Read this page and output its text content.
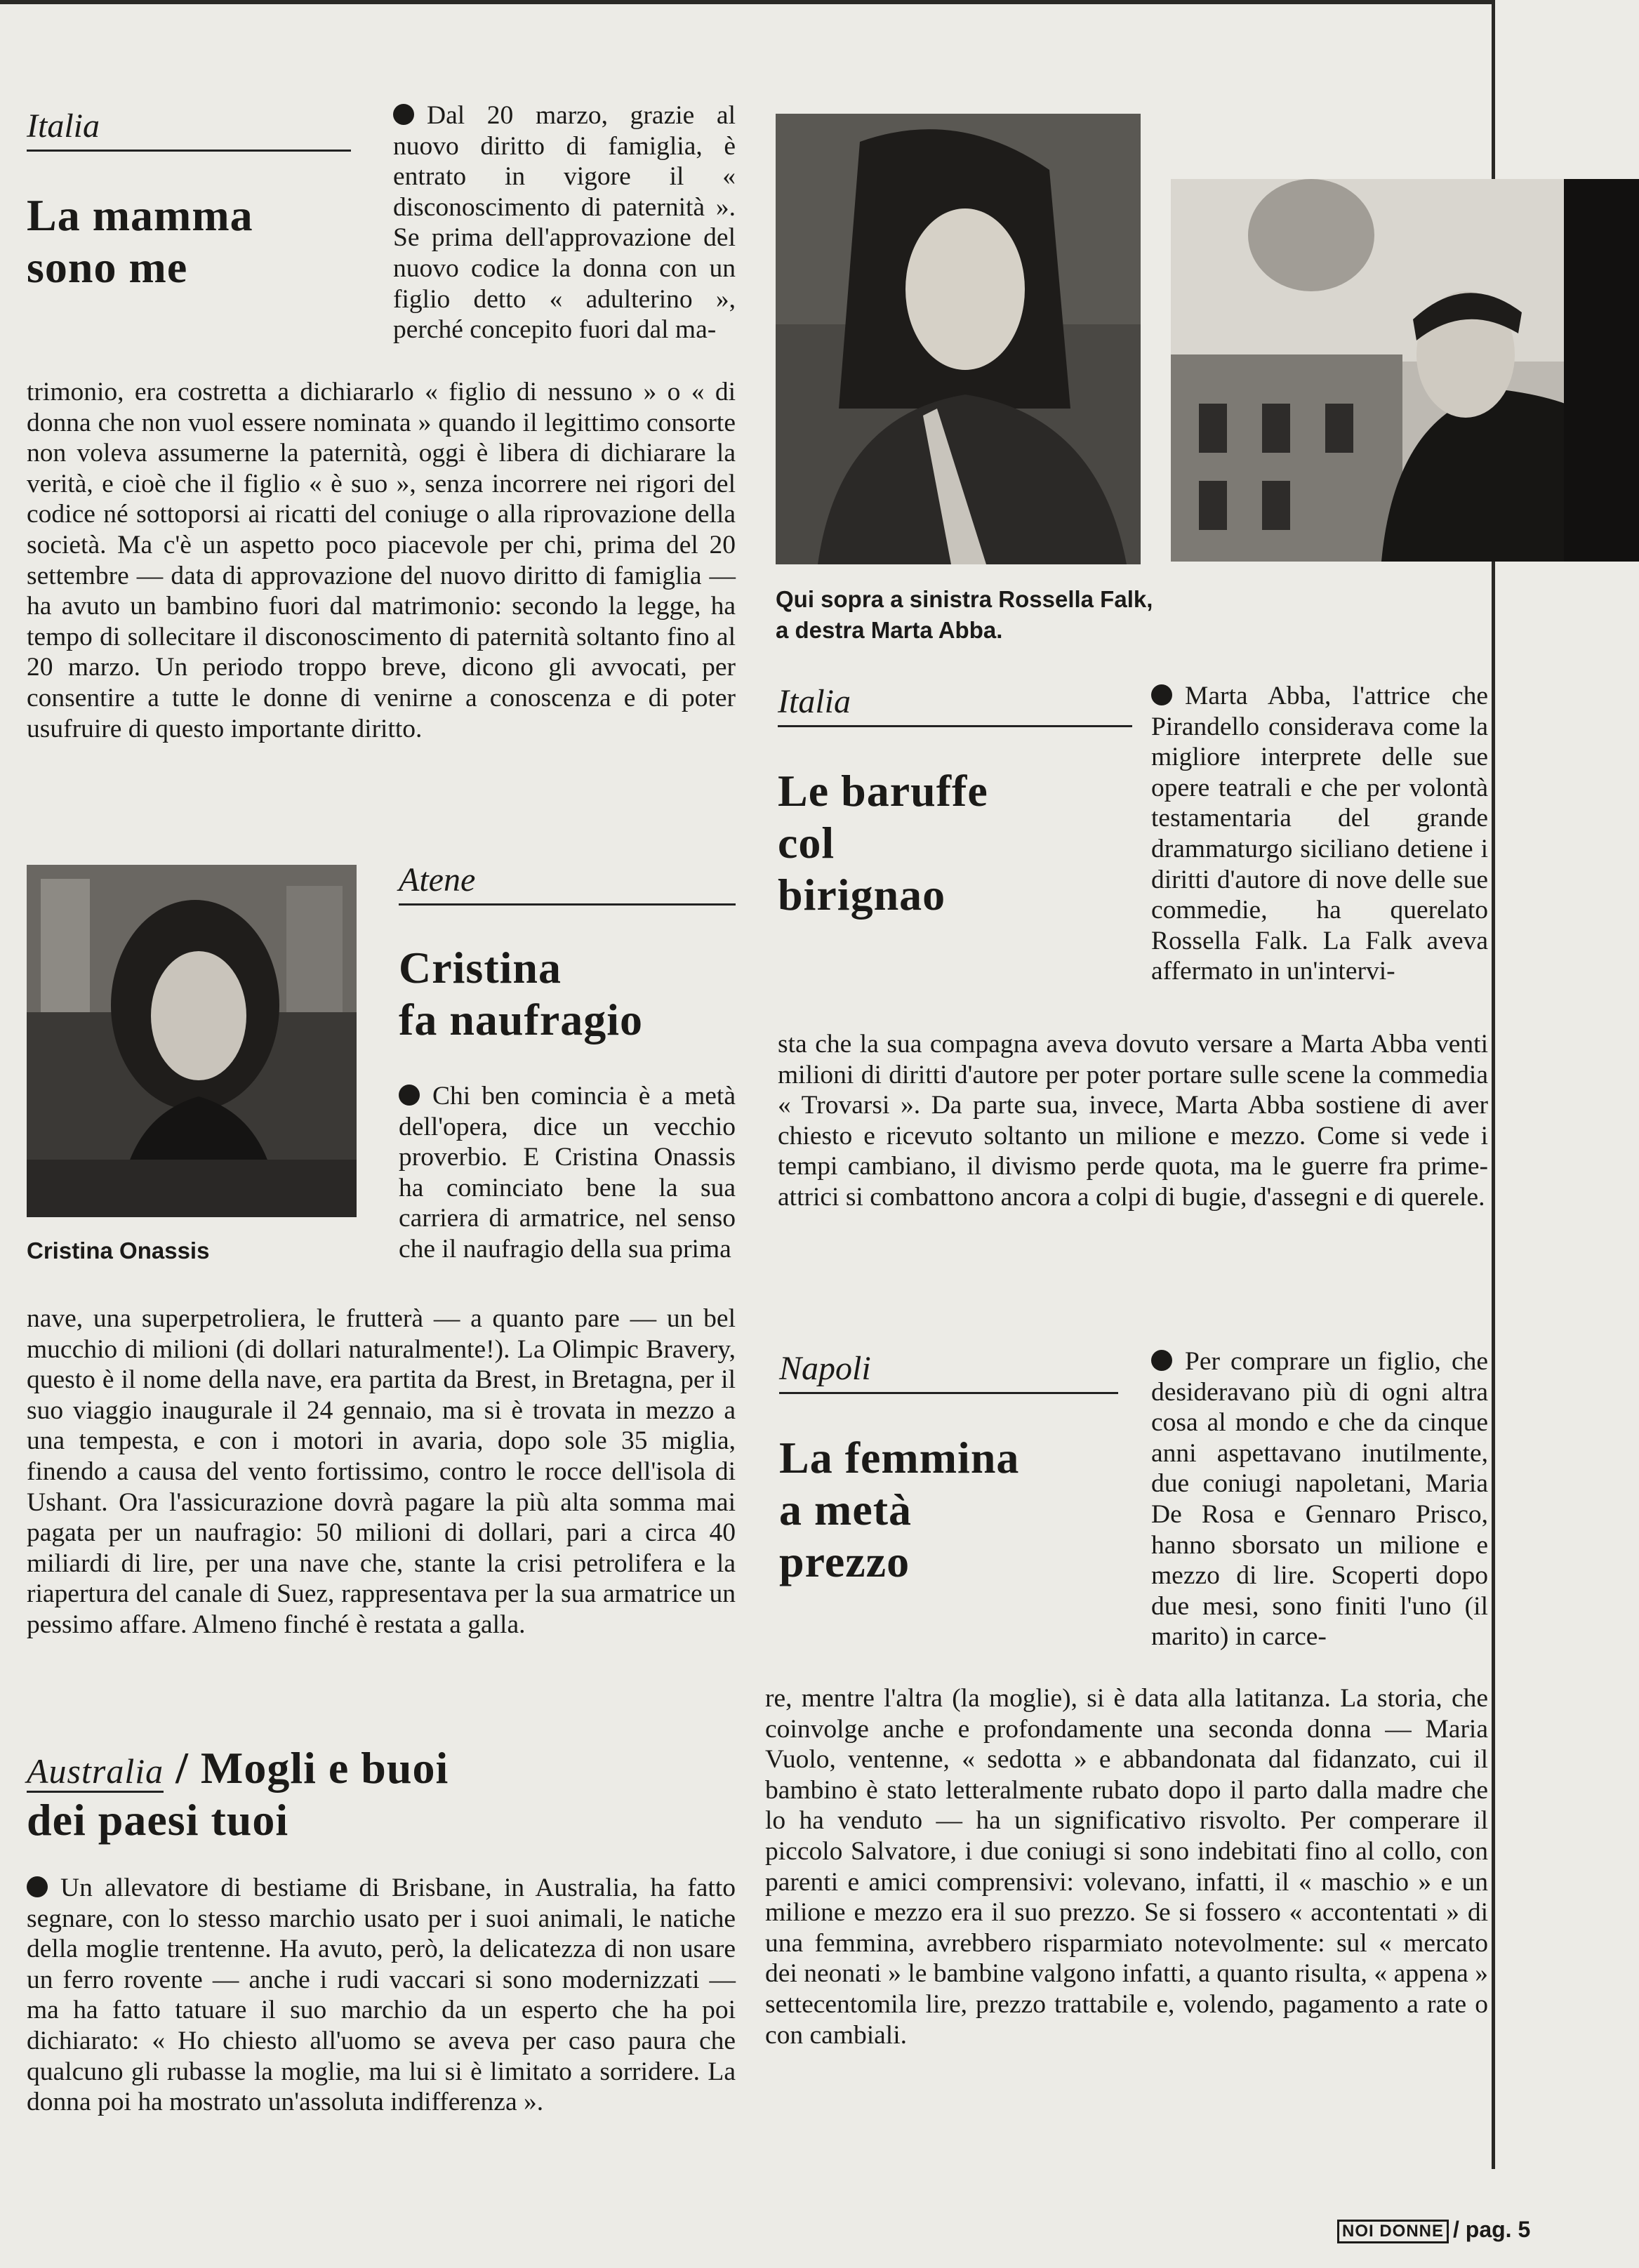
Italia
La mamma
sono me
Dal 20 marzo, grazie al nuovo diritto di famiglia, è entrato in vigore il « disconoscimento di paternità ». Se prima dell'approvazione del nuovo codice la donna con un figlio detto « adulterino », perché concepito fuori dal ma-
trimonio, era costretta a dichiararlo « figlio di nessuno » o « di donna che non vuol essere nominata » quando il legittimo consorte non voleva assumerne la paternità, oggi è libera di dichiarare la verità, e cioè che il figlio « è suo », senza incorrere nei rigori del codice né sottoporsi ai ricatti del coniuge o alla riprovazione della società. Ma c'è un aspetto poco piacevole per chi, prima del 20 settembre — data di approvazione del nuovo diritto di famiglia — ha avuto un bambino fuori dal matrimonio: secondo la legge, ha tempo di sollecitare il disconoscimento di paternità soltanto fino al 20 marzo. Un periodo troppo breve, dicono gli avvocati, per consentire a tutte le donne di venirne a conoscenza e di poter usufruire di questo importante diritto.
Cristina Onassis
Atene
Cristina
fa naufragio
Chi ben comincia è a metà dell'opera, dice un vecchio proverbio. E Cristina Onassis ha cominciato bene la sua carriera di armatrice, nel senso che il naufragio della sua prima
nave, una superpetroliera, le frutterà — a quanto pare — un bel mucchio di milioni (di dollari naturalmente!). La Olimpic Bravery, questo è il nome della nave, era partita da Brest, in Bretagna, per il suo viaggio inaugurale il 24 gennaio, ma si è trovata in mezzo a una tempesta, e con i motori in avaria, dopo sole 35 miglia, finendo a causa del vento fortissimo, contro le rocce dell'isola di Ushant. Ora l'assicurazione dovrà pagare la più alta somma mai pagata per un naufragio: 50 milioni di dollari, pari a circa 40 miliardi di lire, per una nave che, stante la crisi petrolifera e la riapertura del canale di Suez, rappresentava per la sua armatrice un pessimo affare. Almeno finché è restata a galla.
Australia / Mogli e buoi
dei paesi tuoi
Un allevatore di bestiame di Brisbane, in Australia, ha fatto segnare, con lo stesso marchio usato per i suoi animali, le natiche della moglie trentenne. Ha avuto, però, la delicatezza di non usare un ferro rovente — anche i rudi vaccari si sono modernizzati — ma ha fatto tatuare il suo marchio da un esperto che ha poi dichiarato: « Ho chiesto all'uomo se aveva per caso paura che qualcuno gli rubasse la moglie, ma lui si è limitato a sorridere. La donna poi ha mostrato un'assoluta indifferenza ».
Qui sopra a sinistra Rossella Falk,
a destra Marta Abba.
Italia
Le baruffe
col
birignao
Marta Abba, l'attrice che Pirandello considerava come la migliore interprete delle sue opere teatrali e che per volontà testamentaria del grande drammaturgo siciliano detiene i diritti d'autore di nove delle sue commedie, ha querelato Rossella Falk. La Falk aveva affermato in un'intervi-
sta che la sua compagna aveva dovuto versare a Marta Abba venti milioni di diritti d'autore per poter portare sulle scene la commedia « Trovarsi ». Da parte sua, invece, Marta Abba sostiene di aver chiesto e ricevuto soltanto un milione e mezzo. Come si vede i tempi cambiano, il divismo perde quota, ma le guerre fra prime-attrici si combattono ancora a colpi di bugie, d'assegni e di querele.
Napoli
La femmina
a metà
prezzo
Per comprare un figlio, che desideravano più di ogni altra cosa al mondo e che da cinque anni aspettavano inutilmente, due coniugi napoletani, Maria De Rosa e Gennaro Prisco, hanno sborsato un milione e mezzo di lire. Scoperti dopo due mesi, sono finiti l'uno (il marito) in carce-
re, mentre l'altra (la moglie), si è data alla latitanza. La storia, che coinvolge anche e profondamente una seconda donna — Maria Vuolo, ventenne, « sedotta » e abbandonata dal fidanzato, cui il bambino è stato letteralmente rubato dopo il parto dalla madre che lo ha venduto — ha un significativo risvolto. Per comperare il piccolo Salvatore, i due coniugi si sono indebitati fino al collo, con parenti e amici comprensivi: volevano, infatti, il « maschio » e un milione e mezzo era il suo prezzo. Se si fossero « accontentati » di una femmina, avrebbero risparmiato notevolmente: sul « mercato dei neonati » le bambine valgono infatti, a quanto risulta, « appena » settecentomila lire, prezzo trattabile e, volendo, pagamento a rate o con cambiali.
NOI DONNE / pag. 5
